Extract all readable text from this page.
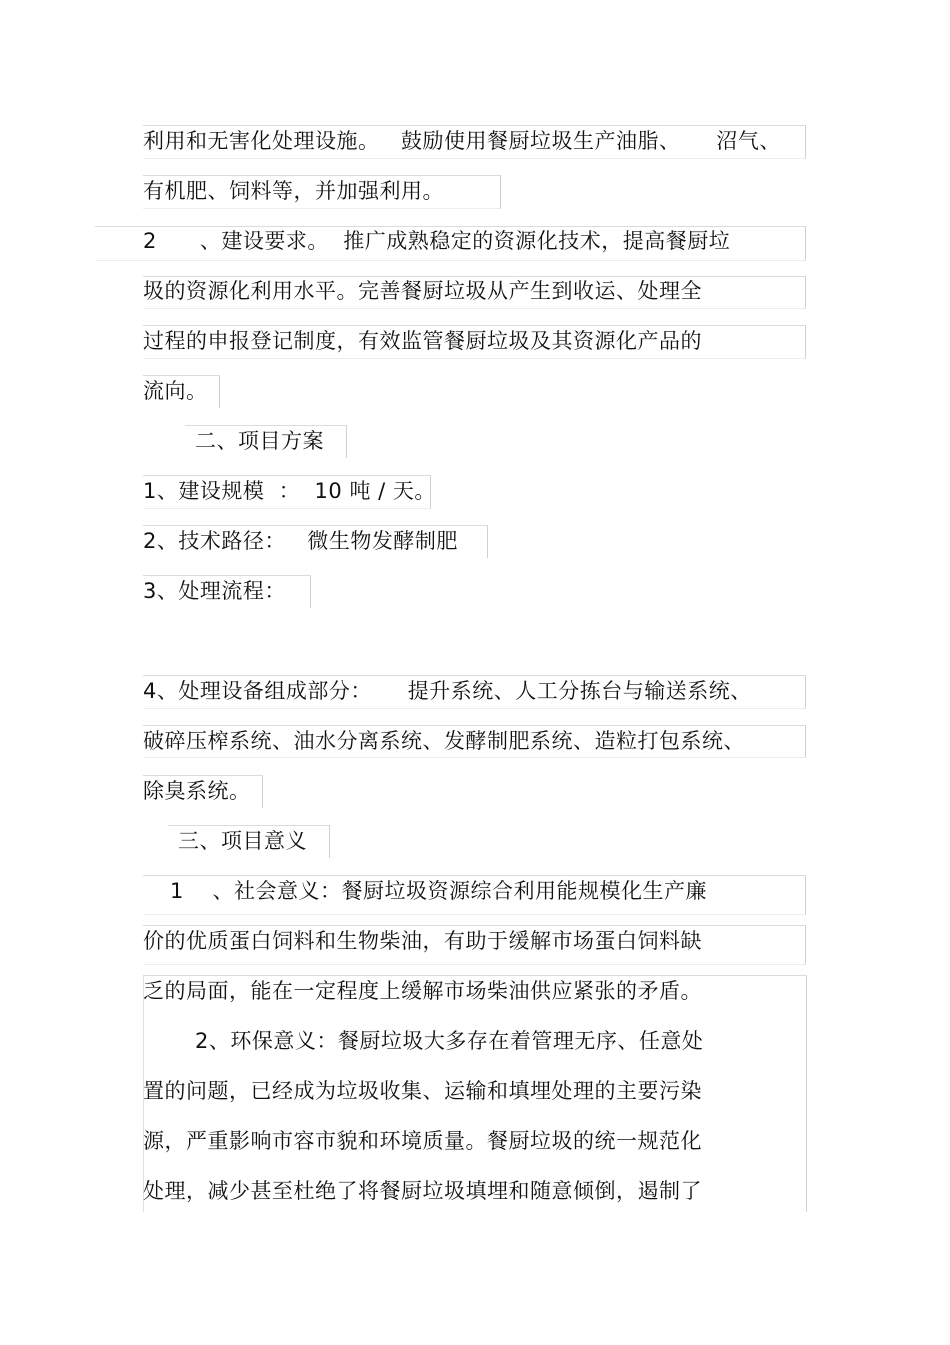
利用和无害化处理设施。   鼓励使用餐厨垃圾生产油脂、     沼气、
有机肥、饲料等，并加强利用。
2      、建设要求。  推广成熟稳定的资源化技术，提高餐厨垃
圾的资源化利用水平。完善餐厨垃圾从产生到收运、处理全
过程的申报登记制度，有效监管餐厨垃圾及其资源化产品的
流向。
二、项目方案
1、建设规模  ：  10 吨 / 天。
2、技术路径：   微生物发酵制肥
3、处理流程：
4、处理设备组成部分：     提升系统、人工分拣台与输送系统、
破碎压榨系统、油水分离系统、发酵制肥系统、造粒打包系统、
除臭系统。
三、项目意义
1    、社会意义：餐厨垃圾资源综合利用能规模化生产廉
价的优质蛋白饲料和生物柴油，有助于缓解市场蛋白饲料缺
乏的局面，能在一定程度上缓解市场柴油供应紧张的矛盾。
2、环保意义：餐厨垃圾大多存在着管理无序、任意处
置的问题，已经成为垃圾收集、运输和填埋处理的主要污染
源，严重影响市容市貌和环境质量。餐厨垃圾的统一规范化
处理，减少甚至杜绝了将餐厨垃圾填埋和随意倾倒，遏制了
